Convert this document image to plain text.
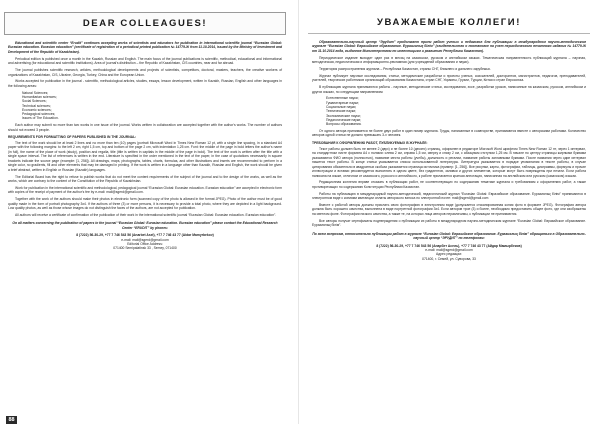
DEAR COLLEAGUES!

Educational and scientific center “Erudit” continues accepting works of scientists and educators for publication in international scientific journal “Eurasian Global: Eurasian education. Eurasian education” (certificate of registration of a periodical printed publication № 14779-Ж from 11.10.2014, issued by the Ministry of Investment and Development of the Republic of Kazakhstan).

Periodical edition is published once a month in the Kazakh, Russian and English. The main focus of the journal publications is scientific, methodical, educational and informational and advertising (for educational and scientific institutions). Area of journal's distribution – the Republic of Kazakhstan, CIS countries, near and far abroad.

The journal publishes scientific research, articles, methodological developments and projects of scientists, competitors, doctoral, masters, teachers, the creative workers of organizations of Kazakhstan, CIS, Ukraine, Georgia, Turkey, China and the European Union.

Works accepted for publication in the journal - scientific, methodological articles, studies, essays, lesson development, written in Kazakh, Russian, English and other languages in the following areas:

Natural Sciences;
Humanitarian sciences;
Social Sciences;
Technical sciences;
Economic sciences;
Pedagogical sciences;
Issues of The Education.

Each author may submit no more than two works in one issue of the journal. Works written in collaboration are accepted together with the author's works. The number of authors should not exceed 3 people.

REQUIREMENTS FOR FORMATTING OF PAPERS PUBLISHED IN THE JOURNAL:

The text of the work should be at least 2 lines and no more than ten (10) pages (portrait Microsoft Word in Times New Roman 12 pt, with a single line spacing, in a standard A4 paper with the following margins: to the left 2 cm, right 1,5 cm, top and bottom of the page 2 cm, with indentation 1,25 cm. Font: the middle of the page in bold letters the author's name (in full), the name of the place of work (study), position and regalia, title (title is written in capitals in the middle of the page in bold). The text of the work is written after the title with a single space interval. The list of references is written in the end. Literature is specified in the order mentioned in the text of the paper, in the case of quotations necessarily in square brackets indicate the source page (example: [1, 256]). All drawings, maps, photographs, tables, charts, formulas, and other illustrations and inserts are recommended to perform in a single color, no gradients, fill and other elements that may be damaged in printing. If the work is written in a language other than Kazakh, Russian and English, the work should be given a brief abstract, written in English or Russian (Kazakh) languages.

The Editorial Board has the right to refuse to publish works that do not meet the content requirements of the subject of the journal and to the design of the works, as well as the works, which are contrary to the content of the Constitution of the Republic of Kazakhstan.

Work for publication in the international scientific and methodological, pedagogical journal “Eurasian Global: Eurasian education. Eurasian education” are accepted in electronic form with copies of the receipt of payment of the author's fee by e-mail: mail@sgerd@gmail.com.

Together with the work of the authors should make their photos in electronic form (scanned copy of the photo is allowed in the format JPEG). Photo of the author must be of good quality made in the form of portrait photography 3x4. If the authors of three (3) or more persons, it is necessary to provide a total photo, where they are depicted in a light background. Low quality photos, as well as those whose images do not distinguish the faces of the authors, are not accepted for publication.

All authors will receive a certificate of confirmation of the publication of their work in the international scientific journal “Eurasian Global: Eurasian education. Eurasian education”.

On all matters concerning the publication of papers in the journal “Eurasian Global: Eurasian education. Eurasian education” please contact the Educational Research Center “ERUDIT” by phones:
8 (7222) 56-30-29, +77 7 746 543 56 (Anarbet Asel), +77 7 746 43 77 (Aidar Mamyrbekov)
e-mail: mail@sgerd@gmail.com
Editorial Office Address:
071400 Semipalatinsk 33 , Semey, 071400
88
УВАЖАЕМЫЕ КОЛЛЕГИ!

Образовательно-научный центр “Эрудит” продолжает прием работ ученых и педагогов для публикации в международном научно-методическом журнале “Eurasian Global: Евразийское образование. Еуразиялық білім” (свидетельство о постановке на учет периодического печатного издания № 14779-Ж от 11.10.2014 года, выданное Министерством по инвестициям и развитию Республики Казахстан).

Периодическое издание выходит один раз в месяц на казахском, русском и английском языках. Тематическая направленность публикаций журнала – научная, методическая, педагогическая и информационно-рекламная (для учреждений образования и науки).

Территория распространения журнала – Республика Казахстан, страны СНГ, ближнего и дальнего зарубежья.

Журнал публикует научные исследования, статьи, методические разработки и проекты ученых, соискателей, докторантов, магистрантов, педагогов, преподавателей, учителей, творческих работников организаций образования Казахстана, стран СНГ, Украины, Грузии, Турции, Китая и стран Евросоюза.

В публикацию журнала принимаются работы - научные, методические статьи, исследования, эссе, разработки уроков, написанные на казахском, русском, английском и других языках, по следующим направлениям:

Естественные науки;
Гуманитарные науки;
Социальные науки;
Технические науки;
Экономические науки;
Педагогические науки;
Вопросы образования.

От одного автора принимается не более двух работ в один номер журнала. Труды, написанные в соавторстве, принимаются вместе с авторскими работами. Количество авторов одной статьи не должно превышать 3-х человек.

ТРЕБОВАНИЯ К ОФОРМЛЕНИЮ РАБОТ, ПУБЛИКУЕМЫХ В ЖУРНАЛЕ:

Текст работы должен быть не менее 2 (двух) и не более 10 (десяти) страниц, оформлен в редакторе Microsoft Word шрифтом Times New Roman 12 пт, через 1 интервал, на стандартном листе формата А4 с полями: слева 2 см, справа 1,5 см, сверху и снизу 2 см, с абзацным отступом 1,25 см. В начале по центру страницы жирными буквами указываются ФИО автора (полностью), название места работы (учебы), должность и регалии, название работы заглавными буквами. После названия через один интервал пишется текст работы. В конце статьи указывается список использованной литературы. Литература указывается в порядке упоминания в тексте работы, в случае цитирования обязательно в квадратных скобках указывается страница источника (пример: [1, 256]). Все рисунки, карты, фотографии, таблицы, диаграммы, формулы и прочие иллюстрации и вставки рекомендуется выполнять в одном цвете, без градиентов, заливки и других элементов, которые могут быть повреждены при печати. Если работа написана на языке, отличном от казахского, русского и английского, к работе прилагается краткая аннотация, написанная на английском или русском (казахском) языках.

Редакционная коллегия вправе отказать в публикации работ, не соответствующих по содержанию тематике журнала и требованиям к оформлению работ, а также противоречащих по содержанию Конституции Республики Казахстан.

Работы на публикацию в международный научно-методический, педагогический журнал “Eurasian Global: Евразийское образование. Еуразиялық білім” принимаются в электронном виде с копиями квитанции оплаты авторского взноса по электронной почте: mail@sgerd@gmail.com

Вместе с работой авторы должны прислать свою фотографию в электронном виде (допускается отсканированная копия фото в формате JPEG). Фотография автора должна быть хорошего качества, выполнена в виде портретной фотографии 3x4. Если авторов трое (3) и более, необходимо предоставить общее фото, где они изображены на светлом фоне. Фотографии низкого качества, а также те, на которых лица авторов неразличимы, к публикации не принимаются.

Все авторы получат сертификаты подтверждения о публикации их работы в международном научно-методическом журнале “Eurasian Global: Евразийское образование. Еуразиялық білім”.

По всем вопросам, относительно публикации работ в журнале “Eurasian Global: Евразийское образование. Еуразиялық білім” обращаться в Образовательно-научный центр “ЭРУДИТ” по телефонам:
8 (7222) 56-30-29, +77 7 746 543 56 (Анарбет Асель), +77 7 746 43 77 (Айдар Мамырбеков)
e-mail: mail@sgerd@gmail.com
Адрес редакции:
071400, г. Семей, ул. Суворова, 33
